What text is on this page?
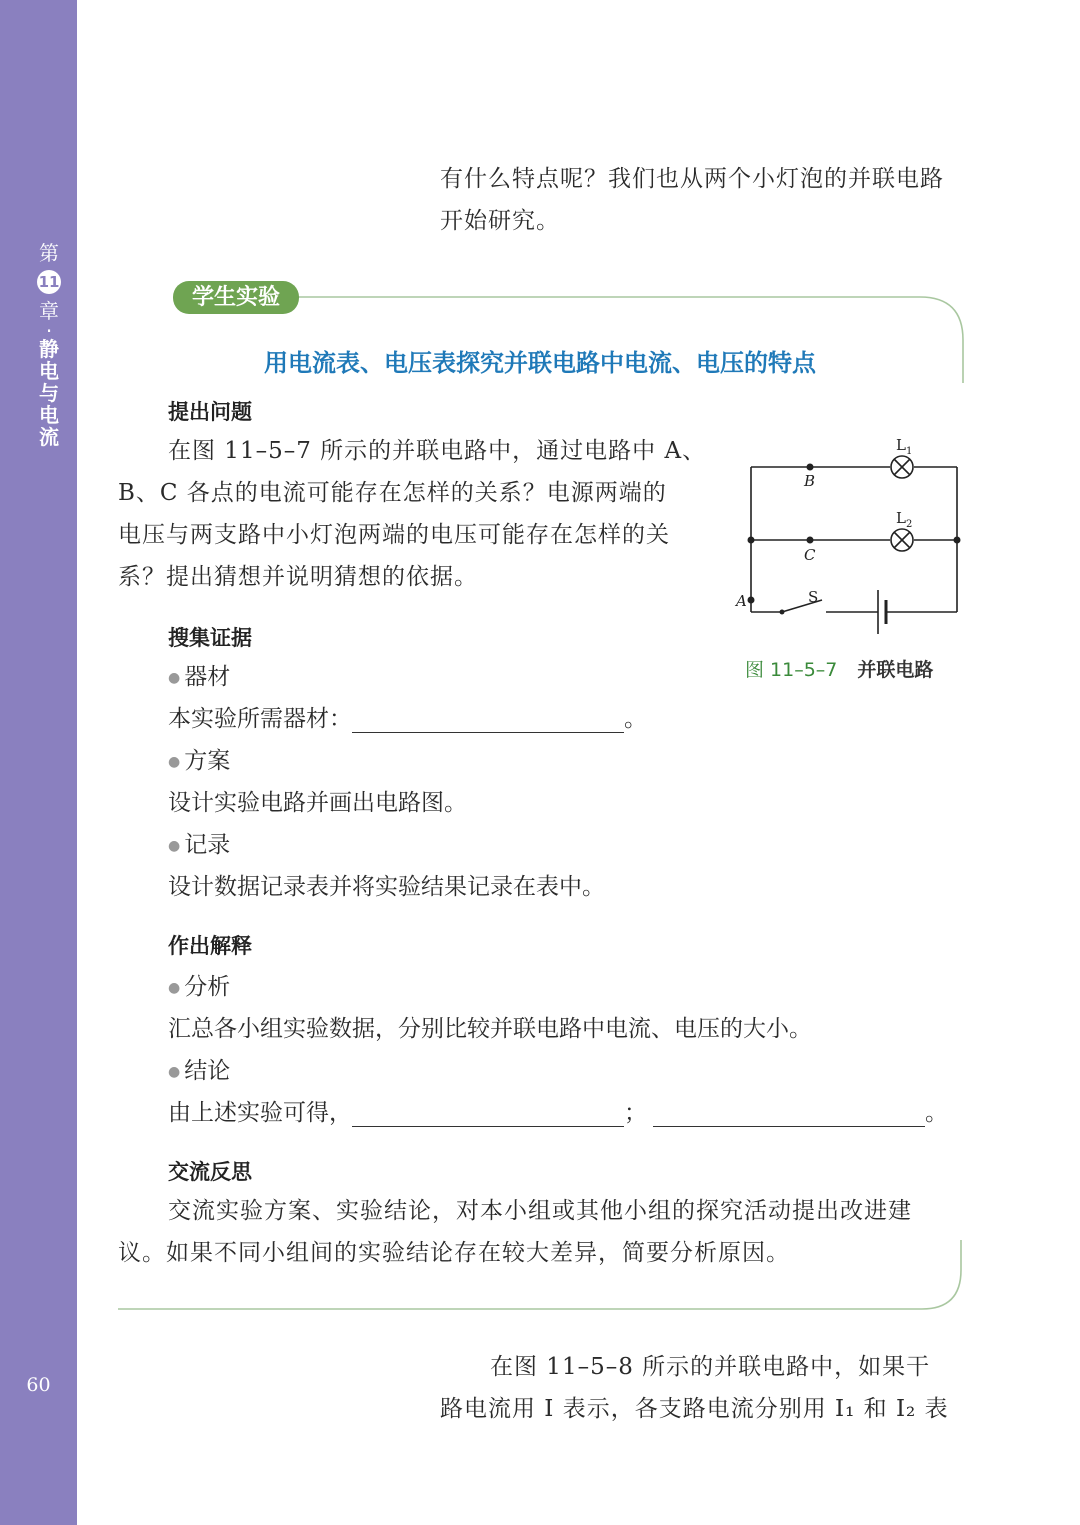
第
11
章
·
静
电
与
电
流
60
有什么特点呢？我们也从两个小灯泡的并联电路
开始研究。
学生实验
用电流表、电压表探究并联电路中电流、电压的特点
提出问题
在图 11–5–7 所示的并联电路中，通过电路中 A、
B、C 各点的电流可能存在怎样的关系？电源两端的
电压与两支路中小灯泡两端的电压可能存在怎样的关
系？提出猜想并说明猜想的依据。
$L_1$
$L_2$
B
C
A	S
图 11–5–7 并联电路
搜集证据
● 器材
本实验所需器材：	。
● 方案
设计实验电路并画出电路图。
● 记录
设计数据记录表并将实验结果记录在表中。
作出解释
● 分析
汇总各小组实验数据，分别比较并联电路中电流、电压的大小。
● 结论
由上述实验可得，	；	。
交流反思
交流实验方案、实验结论，对本小组或其他小组的探究活动提出改进建
议。如果不同小组间的实验结论存在较大差异，简要分析原因。
在图 11–5–8 所示的并联电路中，如果干
路电流用 I 表示，各支路电流分别用 I₁ 和 I₂ 表
